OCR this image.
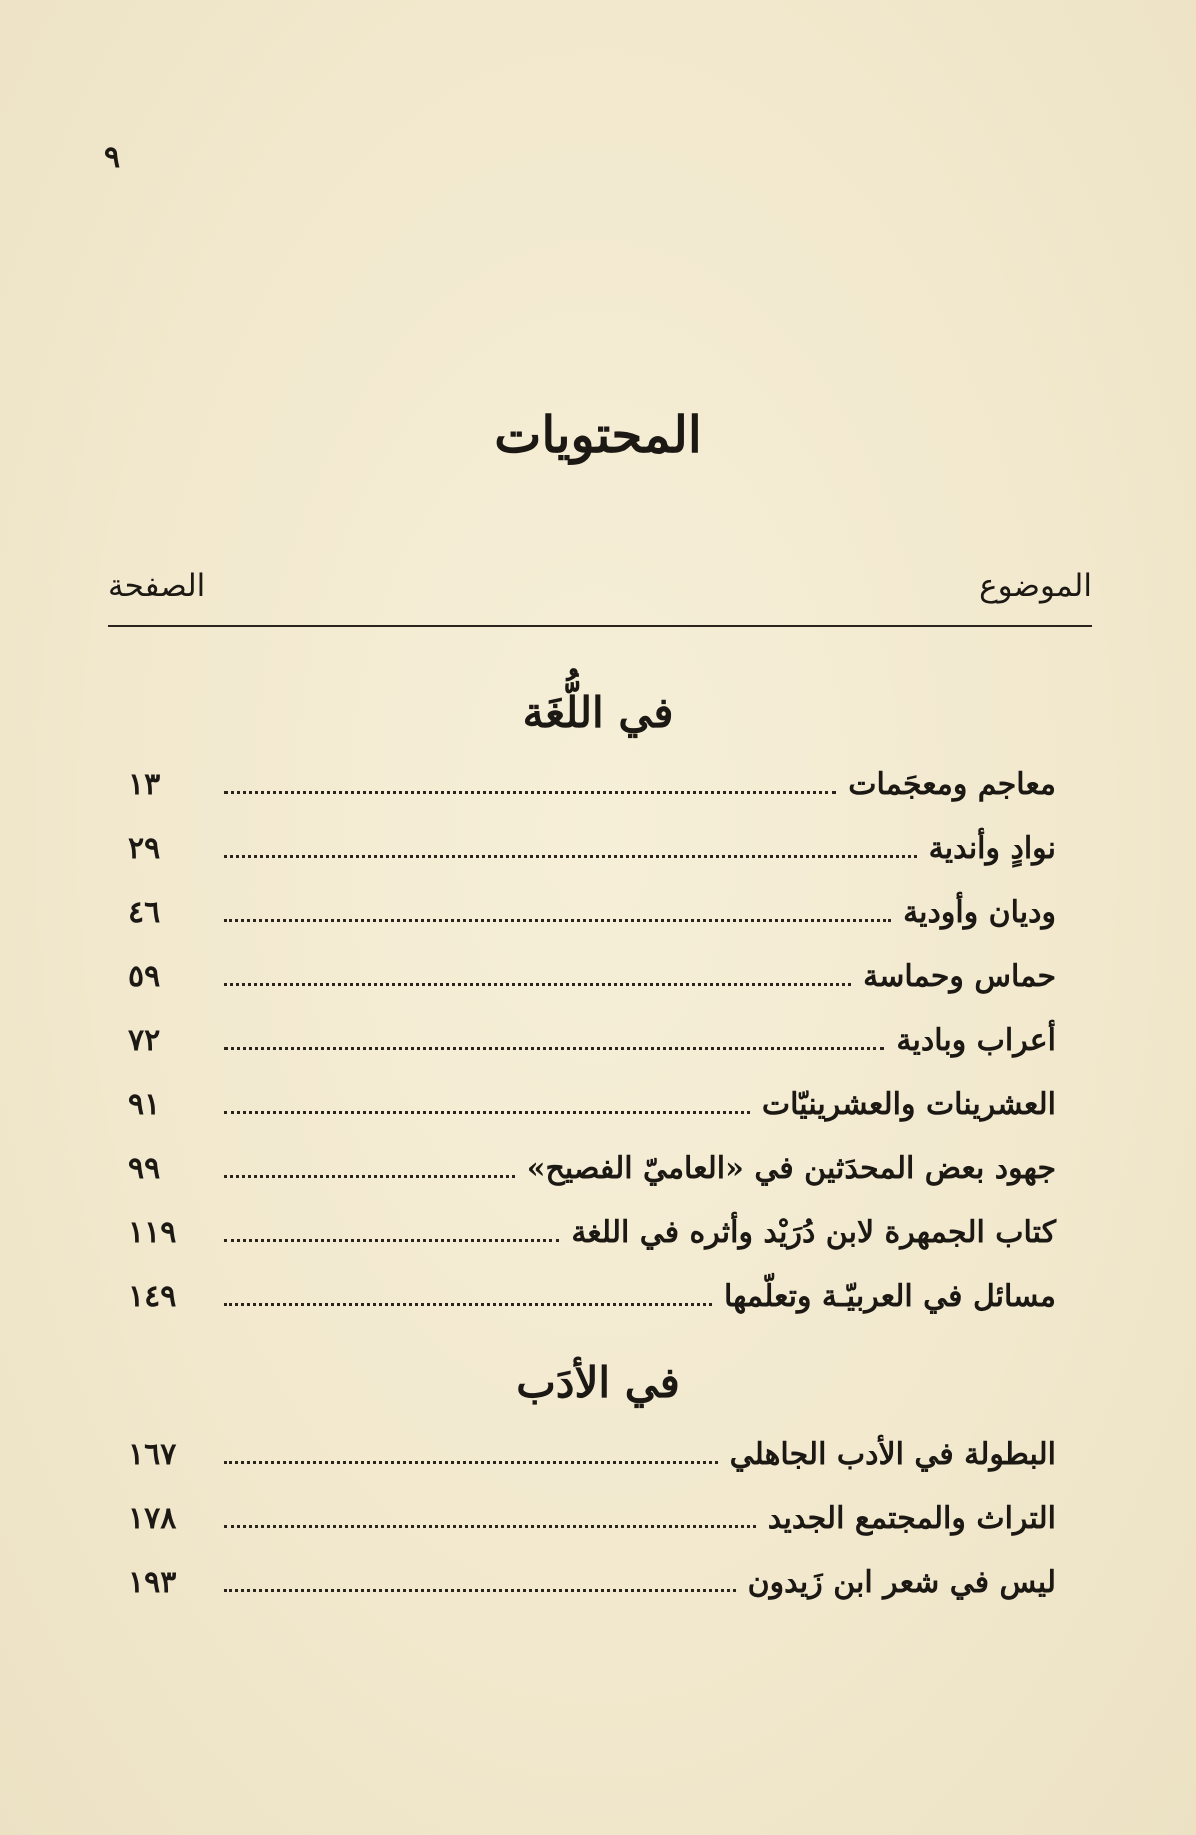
٩
المحتويات
الموضوع
الصفحة
في اللُّغَة
معاجم ومعجَمات
١٣
نوادٍ وأندية
٢٩
وديان وأودية
٤٦
حماس وحماسة
٥٩
أعراب وبادية
٧٢
العشرينات والعشرينيّات
٩١
جهود بعض المحدَثين في «العاميّ الفصيح»
٩٩
كتاب الجمهرة لابن دُرَيْد وأثره في اللغة
١١٩
مسائل في العربيّـة وتعلّمها
١٤٩
في الأدَب
البطولة في الأدب الجاهلي
١٦٧
التراث والمجتمع الجديد
١٧٨
ليس في شعر ابن زَيدون
١٩٣
